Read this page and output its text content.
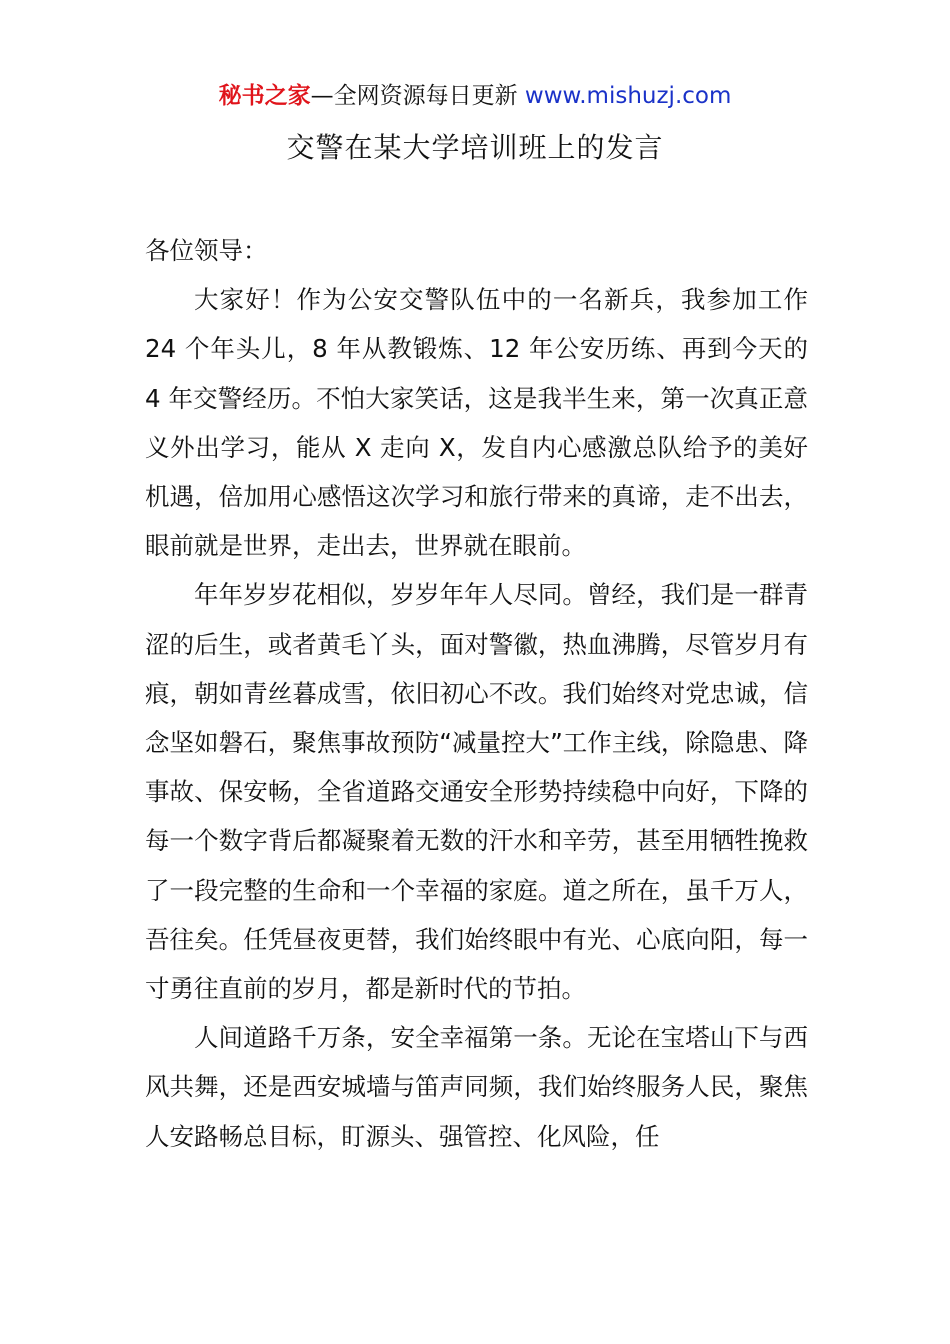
秘书之家—全网资源每日更新 www.mishuzj.com
交警在某大学培训班上的发言

各位领导：

大家好！作为公安交警队伍中的一名新兵，我参加工作 24 个年头儿，8 年从教锻炼、12 年公安历练、再到今天的 4 年交警经历。不怕大家笑话，这是我半生来，第一次真正意义外出学习，能从 X 走向 X，发自内心感激总队给予的美好机遇，倍加用心感悟这次学习和旅行带来的真谛，走不出去，眼前就是世界，走出去，世界就在眼前。

年年岁岁花相似，岁岁年年人尽同。曾经，我们是一群青涩的后生，或者黄毛丫头，面对警徽，热血沸腾，尽管岁月有痕，朝如青丝暮成雪，依旧初心不改。我们始终对党忠诚，信念坚如磐石，聚焦事故预防“减量控大”工作主线，除隐患、降事故、保安畅，全省道路交通安全形势持续稳中向好，下降的每一个数字背后都凝聚着无数的汗水和辛劳，甚至用牺牲挽救了一段完整的生命和一个幸福的家庭。道之所在，虽千万人，吾往矣。任凭昼夜更替，我们始终眼中有光、心底向阳，每一寸勇往直前的岁月，都是新时代的节拍。

人间道路千万条，安全幸福第一条。无论在宝塔山下与西风共舞，还是西安城墙与笛声同频，我们始终服务人民，聚焦人安路畅总目标，盯源头、强管控、化风险，任
